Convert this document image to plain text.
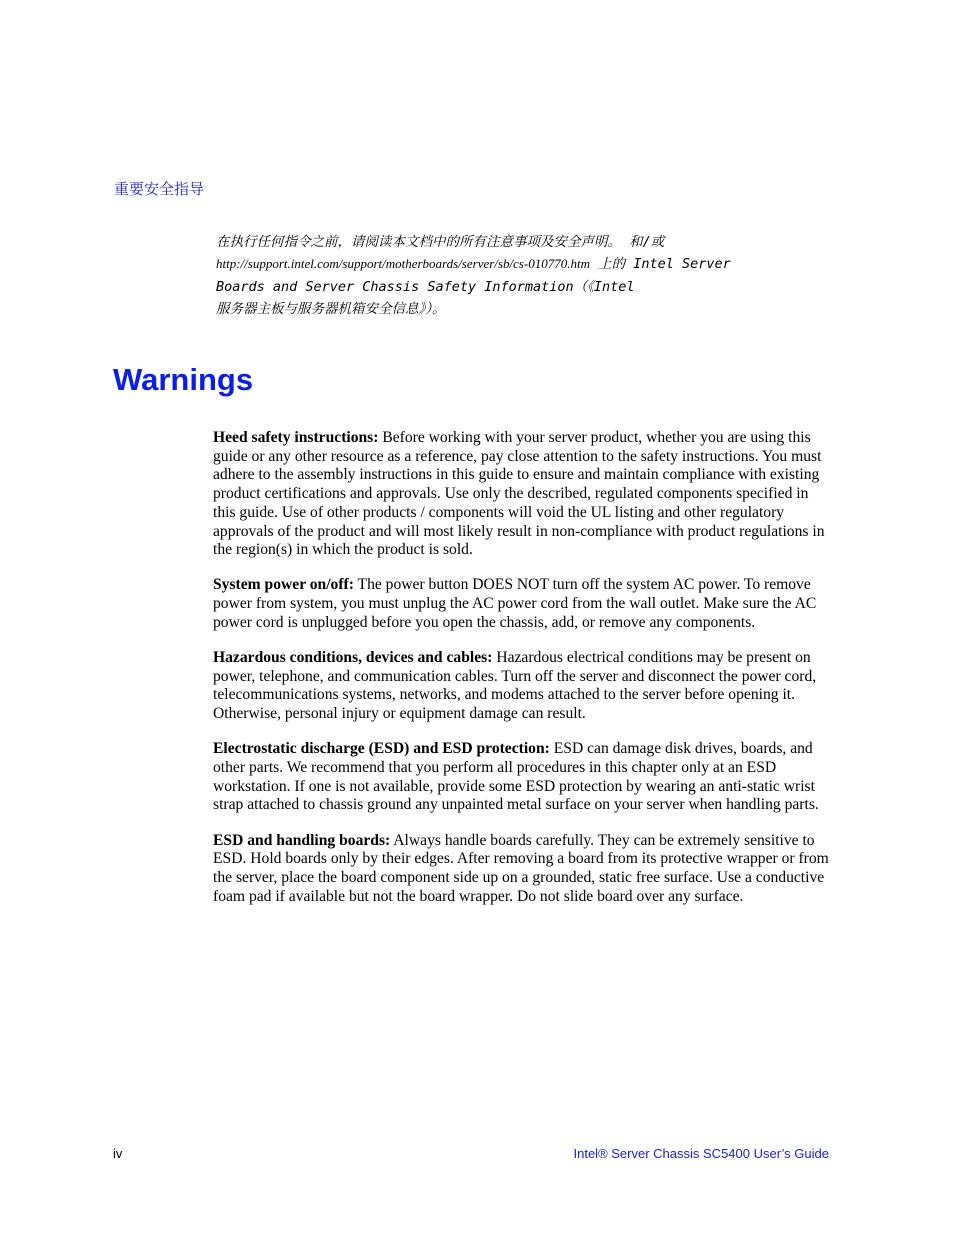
重要安全指导
在执行任何指令之前，请阅读本文档中的所有注意事项及安全声明。 和/或
http://support.intel.com/support/motherboards/server/sb/cs-010770.htm 上的 Intel Server
Boards and Server Chassis Safety Information（《Intel
服务器主板与服务器机箱安全信息》）。
Warnings

Heed safety instructions: Before working with your server product, whether you are using this guide or any other resource as a reference, pay close attention to the safety instructions. You must adhere to the assembly instructions in this guide to ensure and maintain compliance with existing product certifications and approvals. Use only the described, regulated components specified in this guide. Use of other products / components will void the UL listing and other regulatory approvals of the product and will most likely result in non-compliance with product regulations in the region(s) in which the product is sold.

System power on/off: The power button DOES NOT turn off the system AC power. To remove power from system, you must unplug the AC power cord from the wall outlet. Make sure the AC power cord is unplugged before you open the chassis, add, or remove any components.

Hazardous conditions, devices and cables: Hazardous electrical conditions may be present on power, telephone, and communication cables. Turn off the server and disconnect the power cord, telecommunications systems, networks, and modems attached to the server before opening it. Otherwise, personal injury or equipment damage can result.

Electrostatic discharge (ESD) and ESD protection: ESD can damage disk drives, boards, and other parts. We recommend that you perform all procedures in this chapter only at an ESD workstation. If one is not available, provide some ESD protection by wearing an anti-static wrist strap attached to chassis ground any unpainted metal surface on your server when handling parts.

ESD and handling boards: Always handle boards carefully. They can be extremely sensitive to ESD. Hold boards only by their edges. After removing a board from its protective wrapper or from the server, place the board component side up on a grounded, static free surface. Use a conductive foam pad if available but not the board wrapper. Do not slide board over any surface.

iv	Intel® Server Chassis SC5400 User’s Guide
